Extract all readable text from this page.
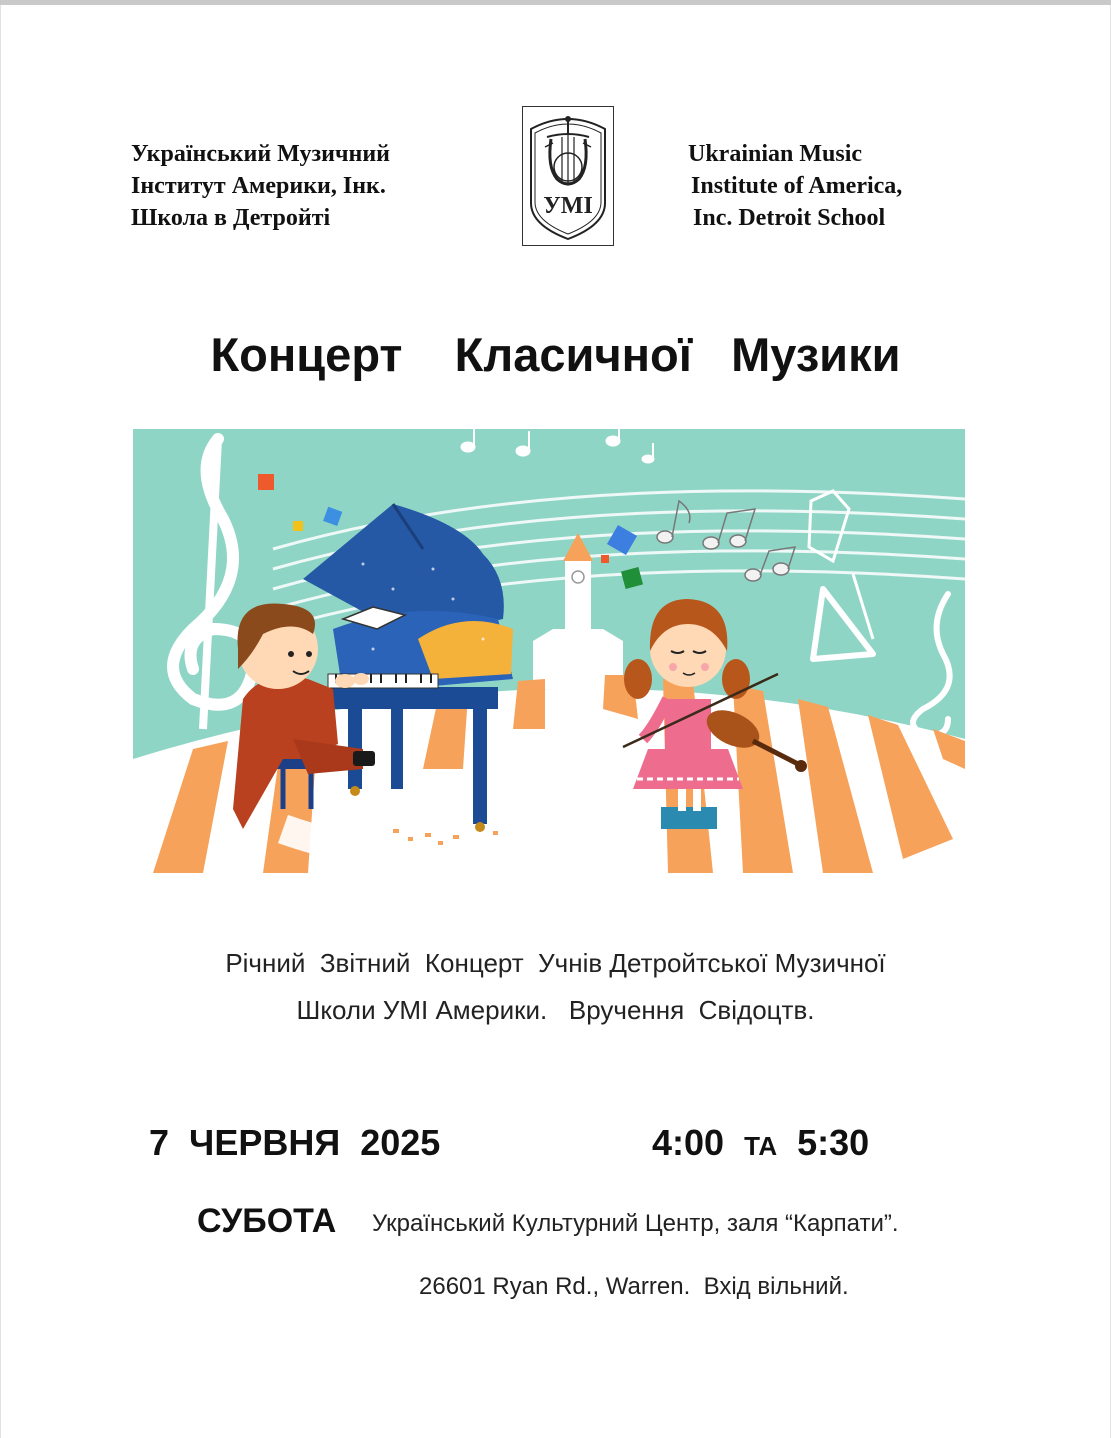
Український Музичний
Інститут Америки, Інк.
Школа в Детройті	УМІ
Ukrainian Music
Institute of America,
Inc. Detroit School
Концерт    Класичної   Музики
Річний  Звітний  Концерт  Учнів Детройтської Музичної
Школи УМІ Америки.   Вручення  Свідоцтв.
7  ЧЕРВНЯ  2025	4:00 ТА 5:30
СУБОТА Український Культурний Центр, заля “Карпати”.
26601 Ryan Rd., Warren.  Вхід вільний.
